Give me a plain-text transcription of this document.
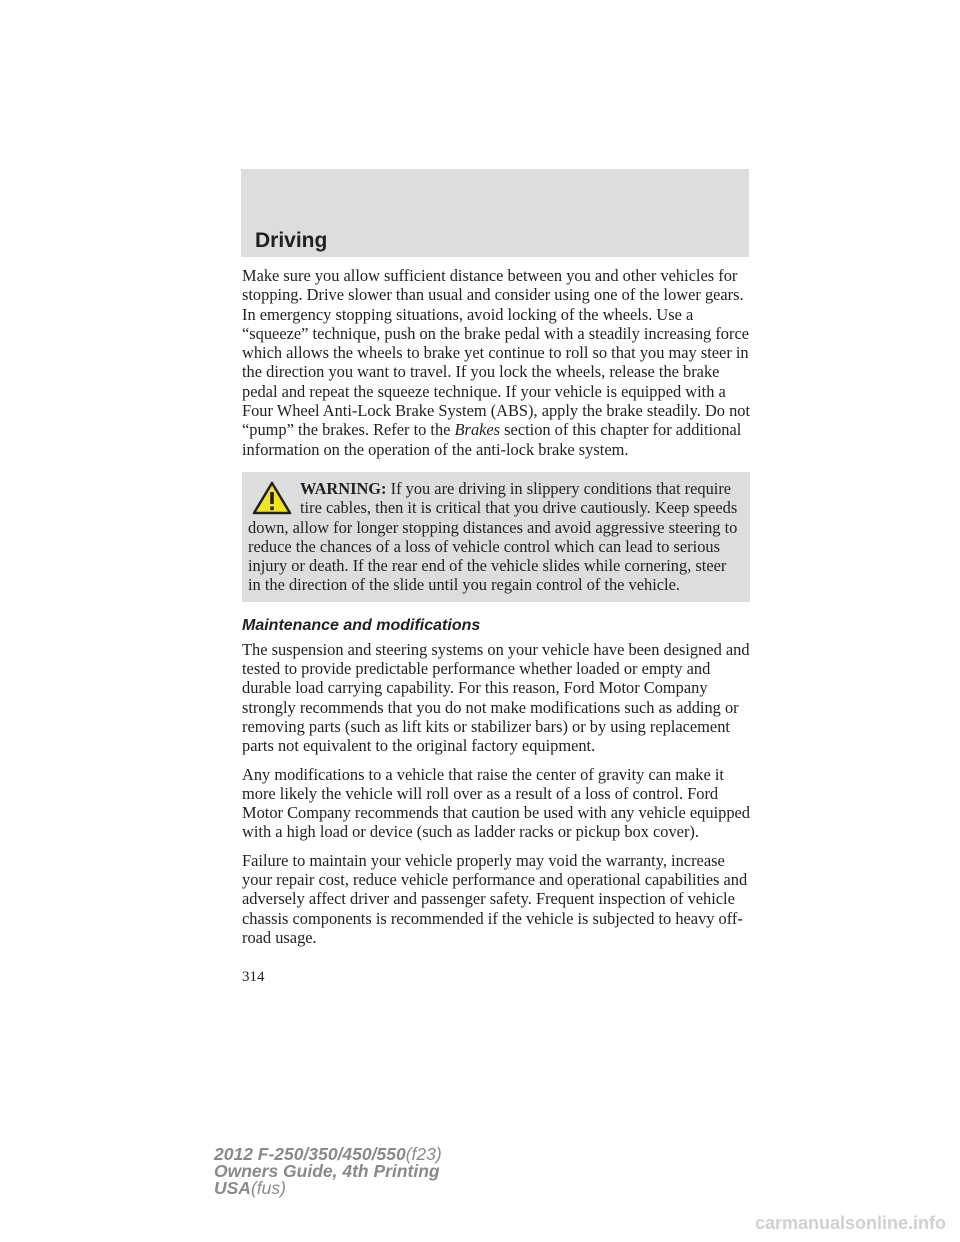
Driving

Make sure you allow sufficient distance between you and other vehicles for stopping. Drive slower than usual and consider using one of the lower gears. In emergency stopping situations, avoid locking of the wheels. Use a “squeeze” technique, push on the brake pedal with a steadily increasing force which allows the wheels to brake yet continue to roll so that you may steer in the direction you want to travel. If you lock the wheels, release the brake pedal and repeat the squeeze technique. If your vehicle is equipped with a Four Wheel Anti-Lock Brake System (ABS), apply the brake steadily. Do not “pump” the brakes. Refer to the Brakes section of this chapter for additional information on the operation of the anti-lock brake system.

WARNING: If you are driving in slippery conditions that require tire cables, then it is critical that you drive cautiously. Keep speeds down, allow for longer stopping distances and avoid aggressive steering to reduce the chances of a loss of vehicle control which can lead to serious injury or death. If the rear end of the vehicle slides while cornering, steer in the direction of the slide until you regain control of the vehicle.
Maintenance and modifications

The suspension and steering systems on your vehicle have been designed and tested to provide predictable performance whether loaded or empty and durable load carrying capability. For this reason, Ford Motor Company strongly recommends that you do not make modifications such as adding or removing parts (such as lift kits or stabilizer bars) or by using replacement parts not equivalent to the original factory equipment.

Any modifications to a vehicle that raise the center of gravity can make it more likely the vehicle will roll over as a result of a loss of control. Ford Motor Company recommends that caution be used with any vehicle equipped with a high load or device (such as ladder racks or pickup box cover).

Failure to maintain your vehicle properly may void the warranty, increase your repair cost, reduce vehicle performance and operational capabilities and adversely affect driver and passenger safety. Frequent inspection of vehicle chassis components is recommended if the vehicle is subjected to heavy off-road usage.

314
2012 F-250/350/450/550(f23)
Owners Guide, 4th Printing
USA(fus)
carmanualsonline.info
